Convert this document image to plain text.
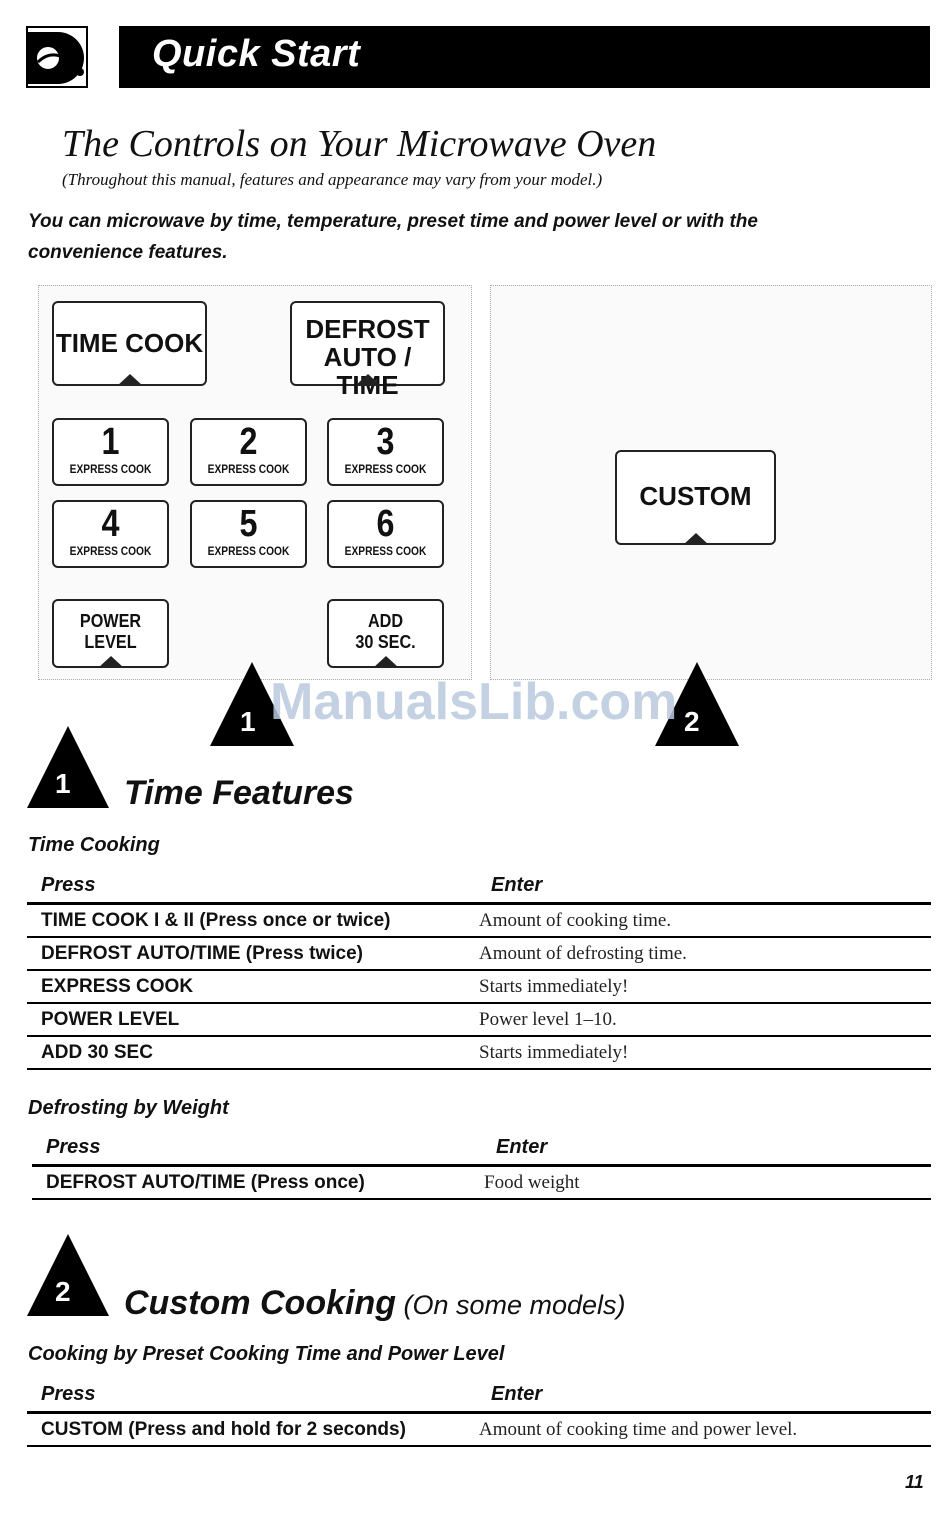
Quick Start
The Controls on Your Microwave Oven
(Throughout this manual, features and appearance may vary from your model.)
You can microwave by time, temperature, preset time and power level or with the convenience features.
TIME COOK	DEFROST
AUTO / TIME
1
EXPRESS COOK
2
EXPRESS COOK
3
EXPRESS COOK
4
EXPRESS COOK
5
EXPRESS COOK
6
EXPRESS COOK
POWER
LEVEL
ADD
30 SEC.
CUSTOM
1	2
ManualsLib.com
1 Time Features
Time Cooking
Press	Enter
TIME COOK I & II (Press once or twice)	Amount of cooking time.
DEFROST AUTO/TIME (Press twice)	Amount of defrosting time.
EXPRESS COOK	Starts immediately!
POWER LEVEL	Power level 1–10.
ADD 30 SEC	Starts immediately!
Defrosting by Weight
Press	Enter
DEFROST AUTO/TIME (Press once)	Food weight
2 Custom Cooking (On some models)
Cooking by Preset Cooking Time and Power Level
Press	Enter
CUSTOM (Press and hold for 2 seconds)	Amount of cooking time and power level.
11
